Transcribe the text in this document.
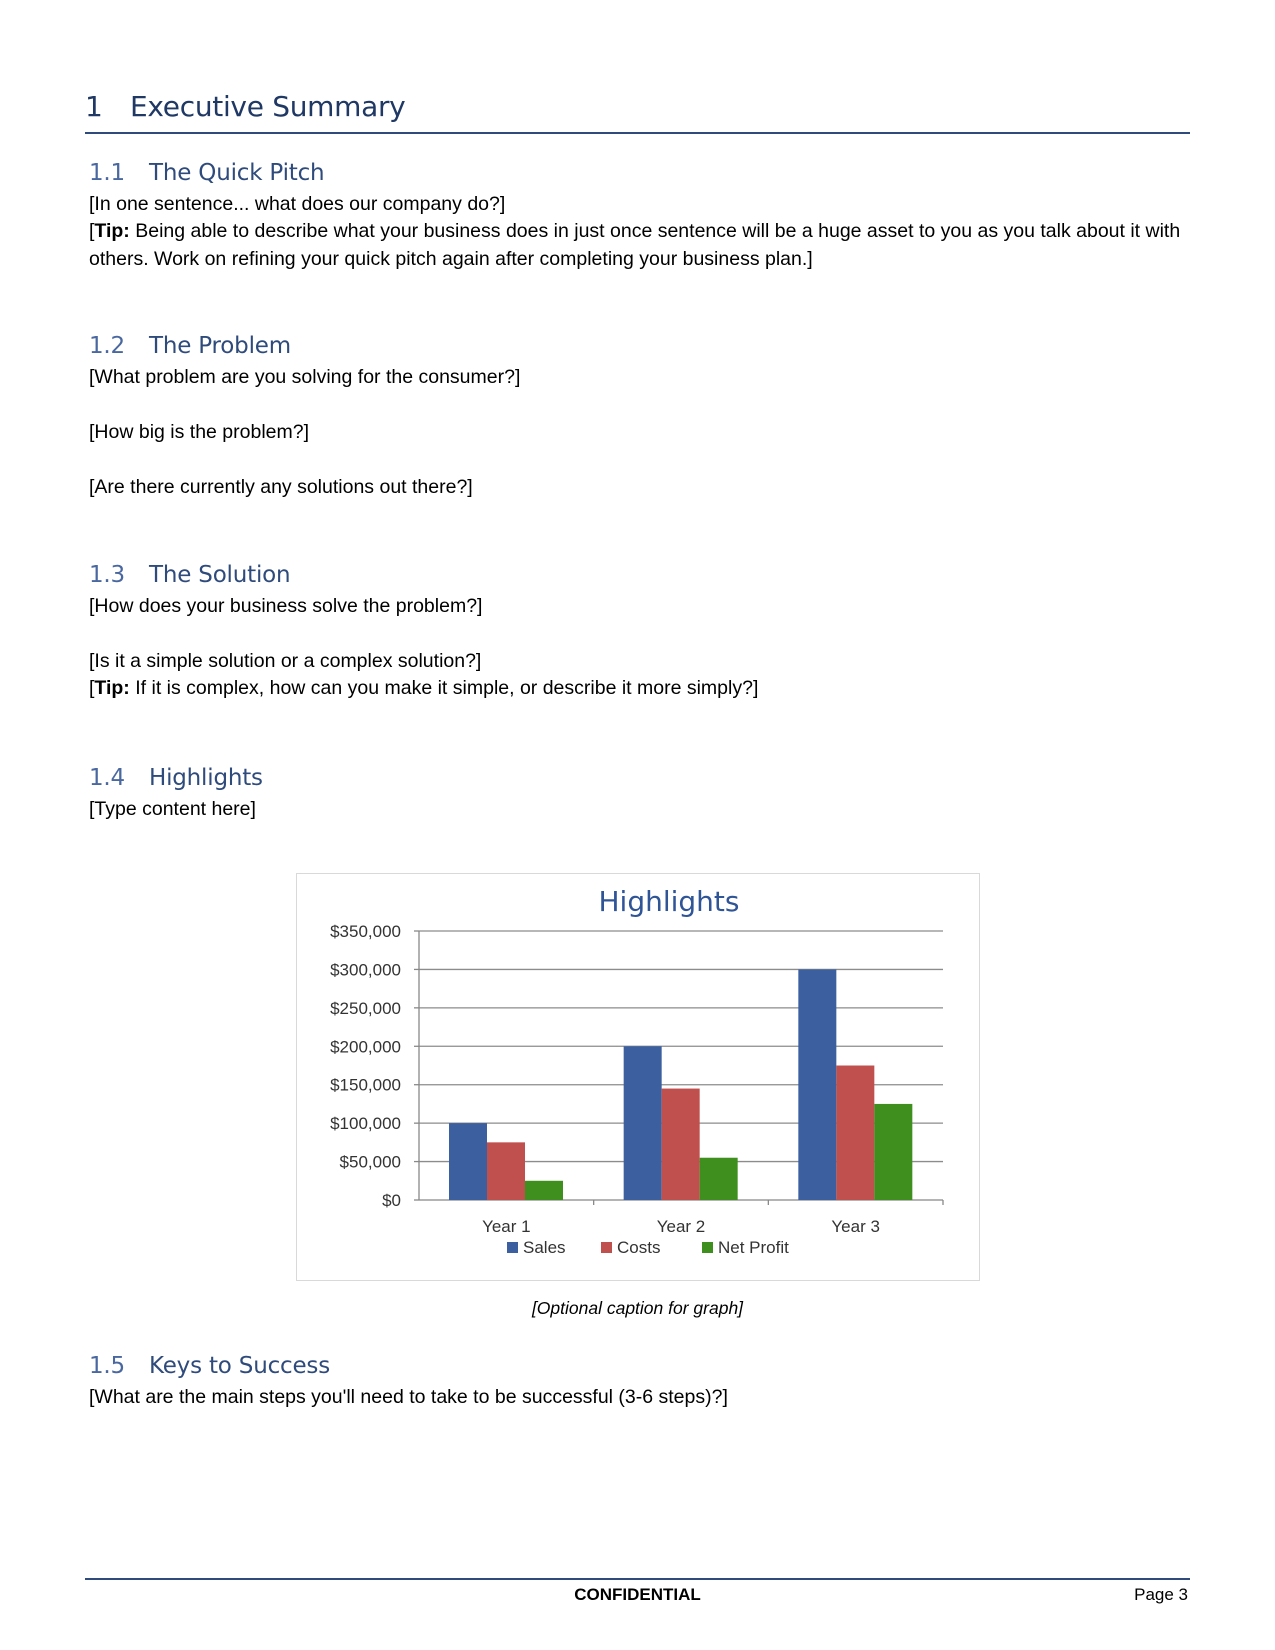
1 Executive Summary
1.1 The Quick Pitch
[In one sentence... what does our company do?]
[Tip: Being able to describe what your business does in just once sentence will be a huge asset to you as you talk about it with others. Work on refining your quick pitch again after completing your business plan.]
1.2 The Problem
[What problem are you solving for the consumer?]
[How big is the problem?]
[Are there currently any solutions out there?]
1.3 The Solution
[How does your business solve the problem?]
[Is it a simple solution or a complex solution?]
[Tip: If it is complex, how can you make it simple, or describe it more simply?]
1.4 Highlights
[Type content here]
Highlights
$0
$50,000
$100,000
$150,000
$200,000
$250,000
$300,000
$350,000
Year 1	Year 2	Year 3
Sales	Costs	Net Profit
[Optional caption for graph]
1.5 Keys to Success
[What are the main steps you'll need to take to be successful (3-6 steps)?]
CONFIDENTIAL	Page 3
